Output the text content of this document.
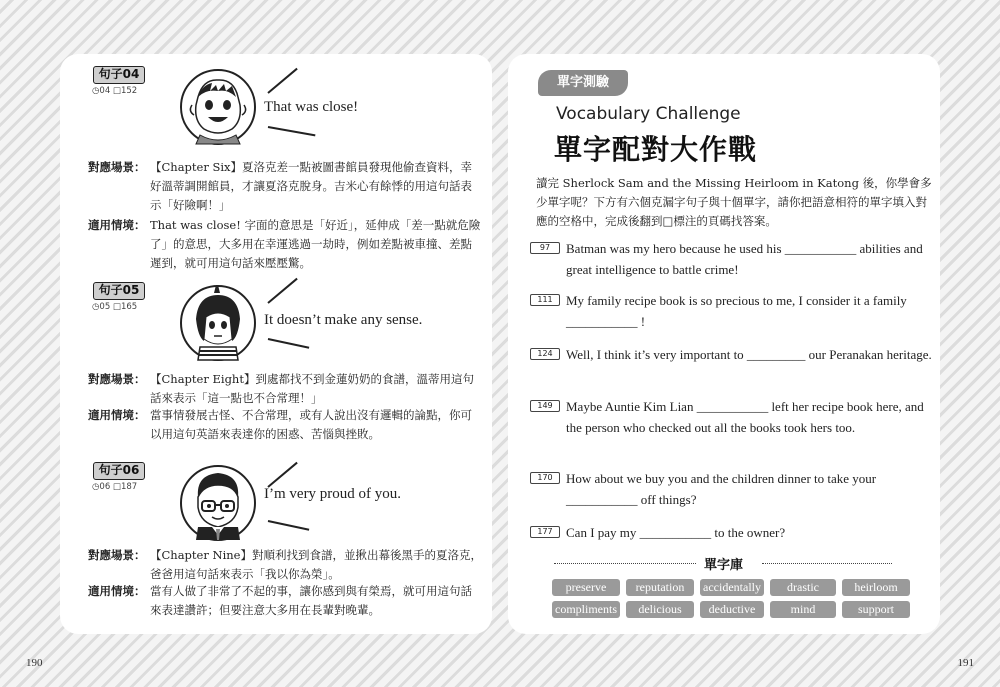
句子04
◷04 □152
That was close!
對應場景： 【Chapter Six】夏洛克差一點被圖書館員發現他偷查資料，幸好溫蒂調開館員，才讓夏洛克脫身。吉米心有餘悸的用這句話表示「好險啊！」
適用情境： That was close! 字面的意思是「好近」，延伸成「差一點就危險了」的意思，大多用在幸運逃過一劫時，例如差點被車撞、差點遲到，就可用這句話來壓壓驚。
句子05
◷05 □165
It doesn’t make any sense.
對應場景： 【Chapter Eight】到處都找不到金蓮奶奶的食譜，溫蒂用這句話來表示「這一點也不合常理！」
適用情境： 當事情發展古怪、不合常理，或有人說出沒有邏輯的論點，你可以用這句英語來表達你的困惑、苦惱與挫敗。
句子06
◷06 □187	I’m very proud of you.
對應場景： 【Chapter Nine】對順利找到食譜，並揪出幕後黑手的夏洛克，爸爸用這句話來表示「我以你為榮」。
適用情境： 當有人做了非常了不起的事，讓你感到與有榮焉，就可用這句話來表達讚許；但要注意大多用在長輩對晚輩。
單字測驗
Vocabulary Challenge
單字配對大作戰
讀完 Sherlock Sam and the Missing Heirloom in Katong 後，你學會多少單字呢？下方有六個克漏字句子與十個單字，請你把語意相符的單字填入對應的空格中，完成後翻到□標注的頁碼找答案。
97	Batman was my hero because he used his ___________ abilities and great intelligence to battle crime!
111	My family recipe book is so precious to me, I consider it a family ___________ !
124	Well, I think it’s very important to _________ our Peranakan heritage.
149	Maybe Auntie Kim Lian ___________ left her recipe book here, and the person who checked out all the books took hers too.
170	How about we buy you and the children dinner to take your ___________ off things?
177	Can I pay my ___________ to the owner?
單字庫
preserve	reputation	accidentally	drastic	heirloom
compliments	delicious	deductive	mind	support
190	191
